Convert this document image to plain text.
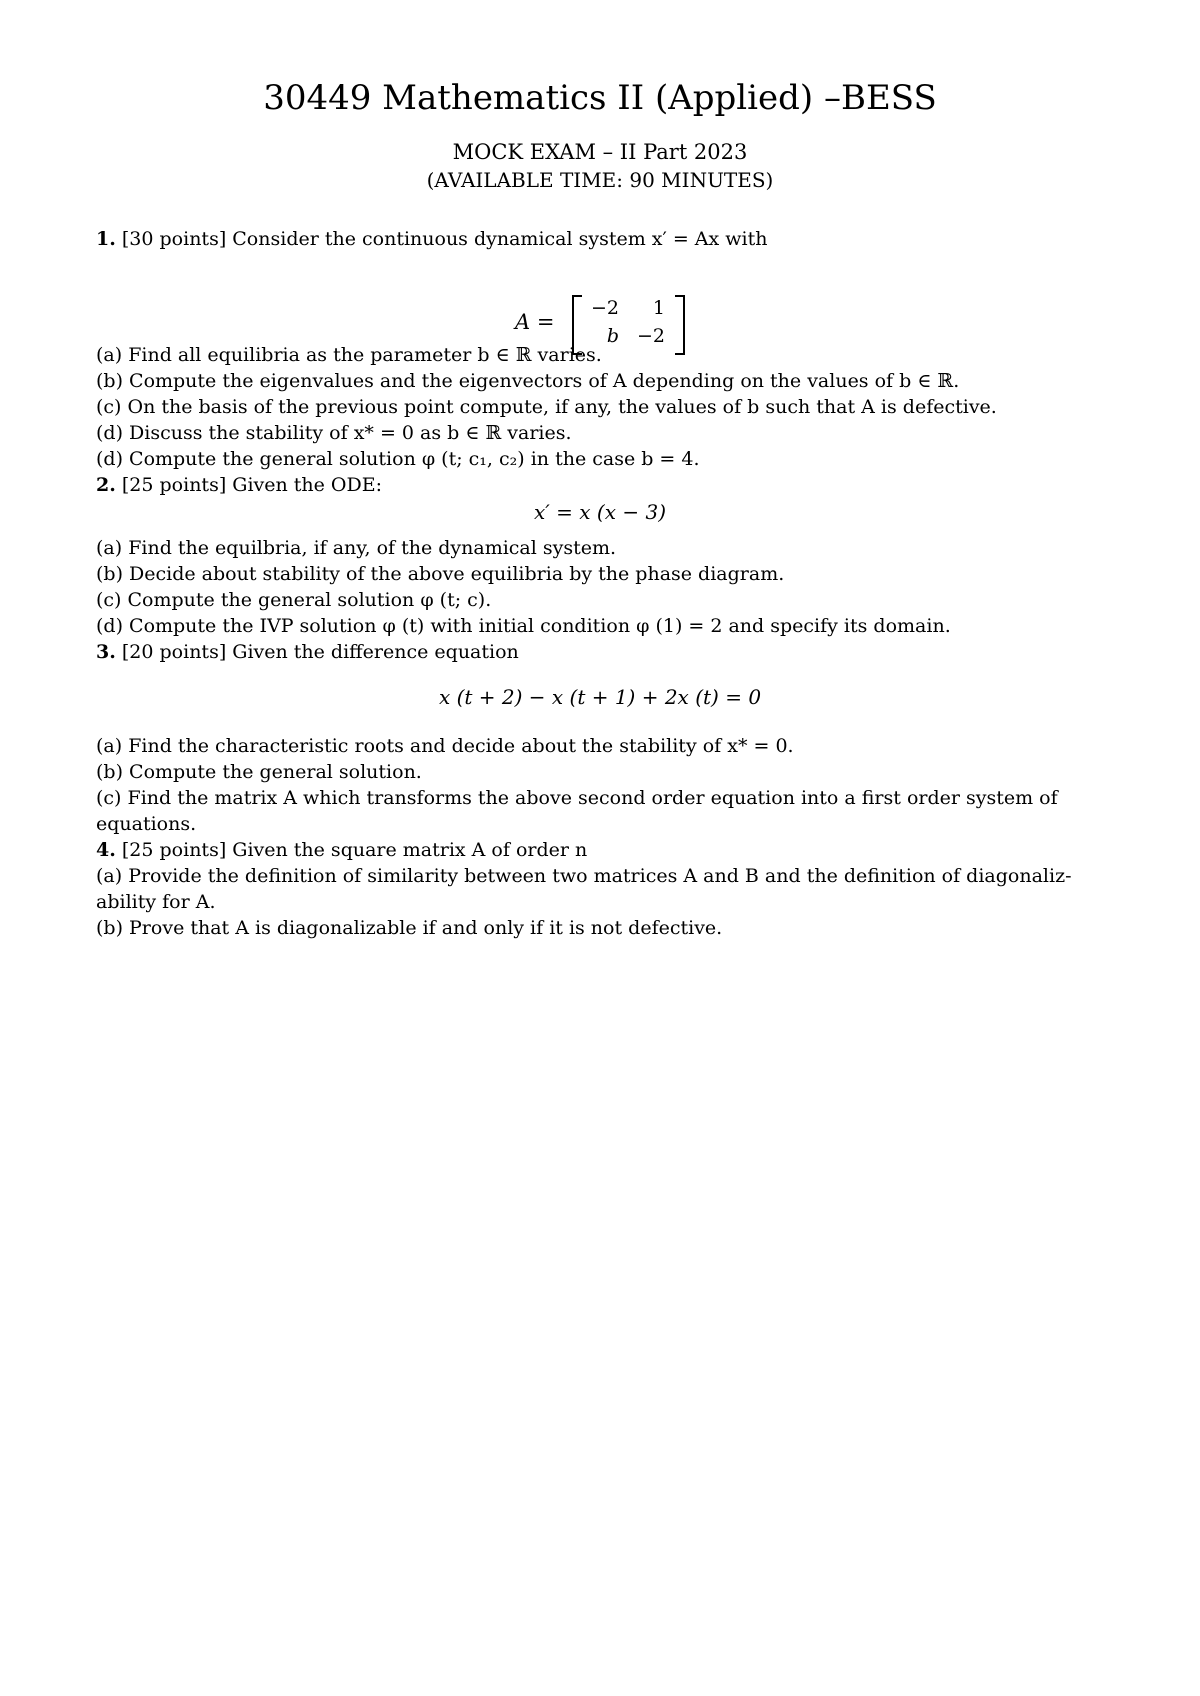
30449 Mathematics II (Applied) –BESS
MOCK EXAM – II Part 2023
(AVAILABLE TIME: 90 MINUTES)
1. [30 points] Consider the continuous dynamical system x′ = Ax with
A =
−2	1
b −2
(a) Find all equilibria as the parameter b ∈ ℝ varies.
(b) Compute the eigenvalues and the eigenvectors of A depending on the values of b ∈ ℝ.
(c) On the basis of the previous point compute, if any, the values of b such that A is defective.
(d) Discuss the stability of x* = 0 as b ∈ ℝ varies.
(d) Compute the general solution φ (t; c₁, c₂) in the case b = 4.
2. [25 points] Given the ODE:
x′ = x (x − 3)
(a) Find the equilbria, if any, of the dynamical system.
(b) Decide about stability of the above equilibria by the phase diagram.
(c) Compute the general solution φ (t; c).
(d) Compute the IVP solution φ (t) with initial condition φ (1) = 2 and specify its domain.
3. [20 points] Given the difference equation
x (t + 2) − x (t + 1) + 2x (t) = 0
(a) Find the characteristic roots and decide about the stability of x* = 0.
(b) Compute the general solution.
(c) Find the matrix A which transforms the above second order equation into a first order system of
equations.
4. [25 points] Given the square matrix A of order n
(a) Provide the definition of similarity between two matrices A and B and the definition of diagonaliz-
ability for A.
(b) Prove that A is diagonalizable if and only if it is not defective.
